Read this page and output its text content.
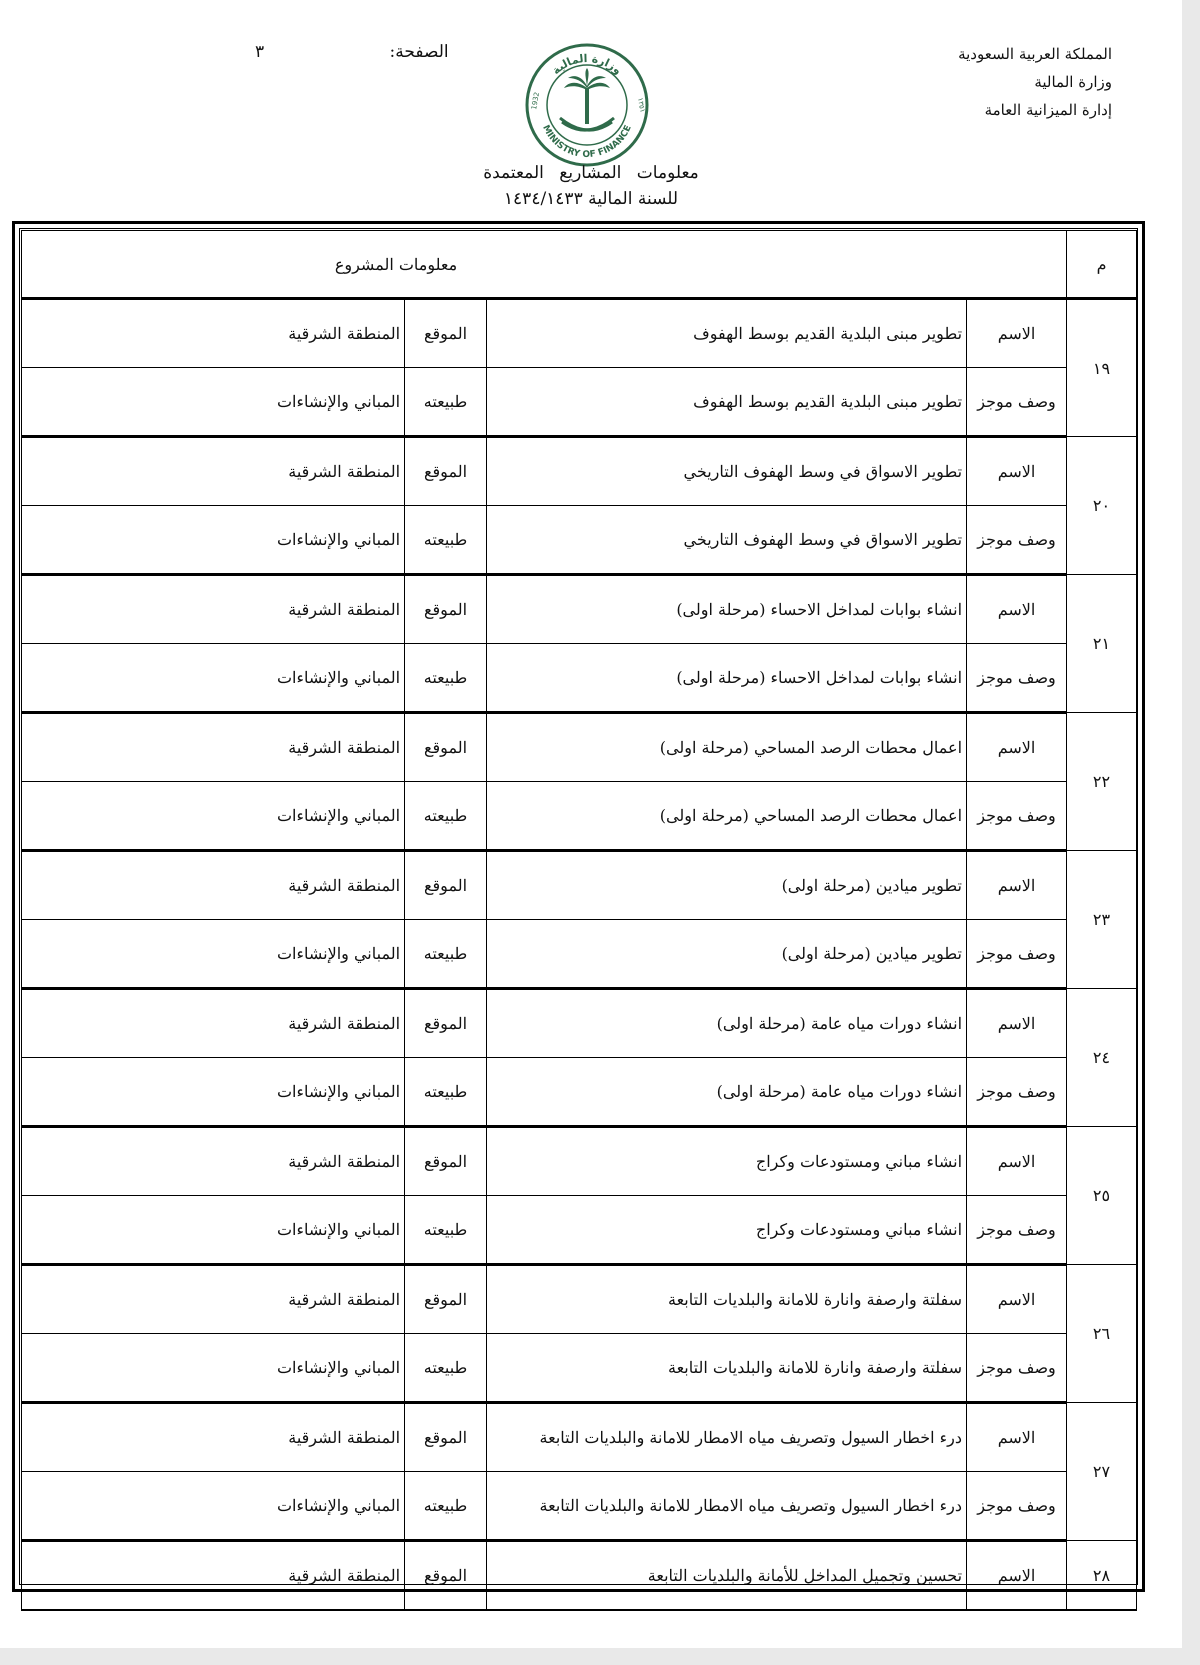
المملكة العربية السعودية
وزارة المالية
إدارة الميزانية العامة
الصفحة: ٣
وزارة المالية
MINISTRY OF FINANCE
1932	١٣٥١
معلومات المشاريع المعتمدة
للسنة المالية ١٤٣٤/١٤٣٣
م	معلومات المشروع			
١٩	الاسم	تطوير مبنى البلدية القديم بوسط الهفوف	الموقع	المنطقة الشرقية
	وصف موجز	تطوير مبنى البلدية القديم بوسط الهفوف	طبيعته	المباني والإنشاءات
٢٠	الاسم	تطوير الاسواق في وسط الهفوف التاريخي	الموقع	المنطقة الشرقية
	وصف موجز	تطوير الاسواق في وسط الهفوف التاريخي	طبيعته	المباني والإنشاءات
٢١	الاسم	انشاء بوابات لمداخل الاحساء (مرحلة اولى)	الموقع	المنطقة الشرقية
	وصف موجز	انشاء بوابات لمداخل الاحساء (مرحلة اولى)	طبيعته	المباني والإنشاءات
٢٢	الاسم	اعمال محطات الرصد المساحي (مرحلة اولى)	الموقع	المنطقة الشرقية
	وصف موجز	اعمال محطات الرصد المساحي (مرحلة اولى)	طبيعته	المباني والإنشاءات
٢٣	الاسم	تطوير ميادين (مرحلة اولى)	الموقع	المنطقة الشرقية
	وصف موجز	تطوير ميادين (مرحلة اولى)	طبيعته	المباني والإنشاءات
٢٤	الاسم	انشاء دورات مياه عامة (مرحلة اولى)	الموقع	المنطقة الشرقية
	وصف موجز	انشاء دورات مياه عامة (مرحلة اولى)	طبيعته	المباني والإنشاءات
٢٥	الاسم	انشاء مباني ومستودعات وكراج	الموقع	المنطقة الشرقية
	وصف موجز	انشاء مباني ومستودعات وكراج	طبيعته	المباني والإنشاءات
٢٦	الاسم	سفلتة وارصفة وانارة للامانة والبلديات التابعة	الموقع	المنطقة الشرقية
	وصف موجز	سفلتة وارصفة وانارة للامانة والبلديات التابعة	طبيعته	المباني والإنشاءات
٢٧	الاسم	درء اخطار السيول وتصريف مياه الامطار للامانة والبلديات التابعة	الموقع	المنطقة الشرقية
	وصف موجز	درء اخطار السيول وتصريف مياه الامطار للامانة والبلديات التابعة	طبيعته	المباني والإنشاءات
٢٨	الاسم	تحسين وتجميل المداخل للأمانة والبلديات التابعة	الموقع	المنطقة الشرقية
